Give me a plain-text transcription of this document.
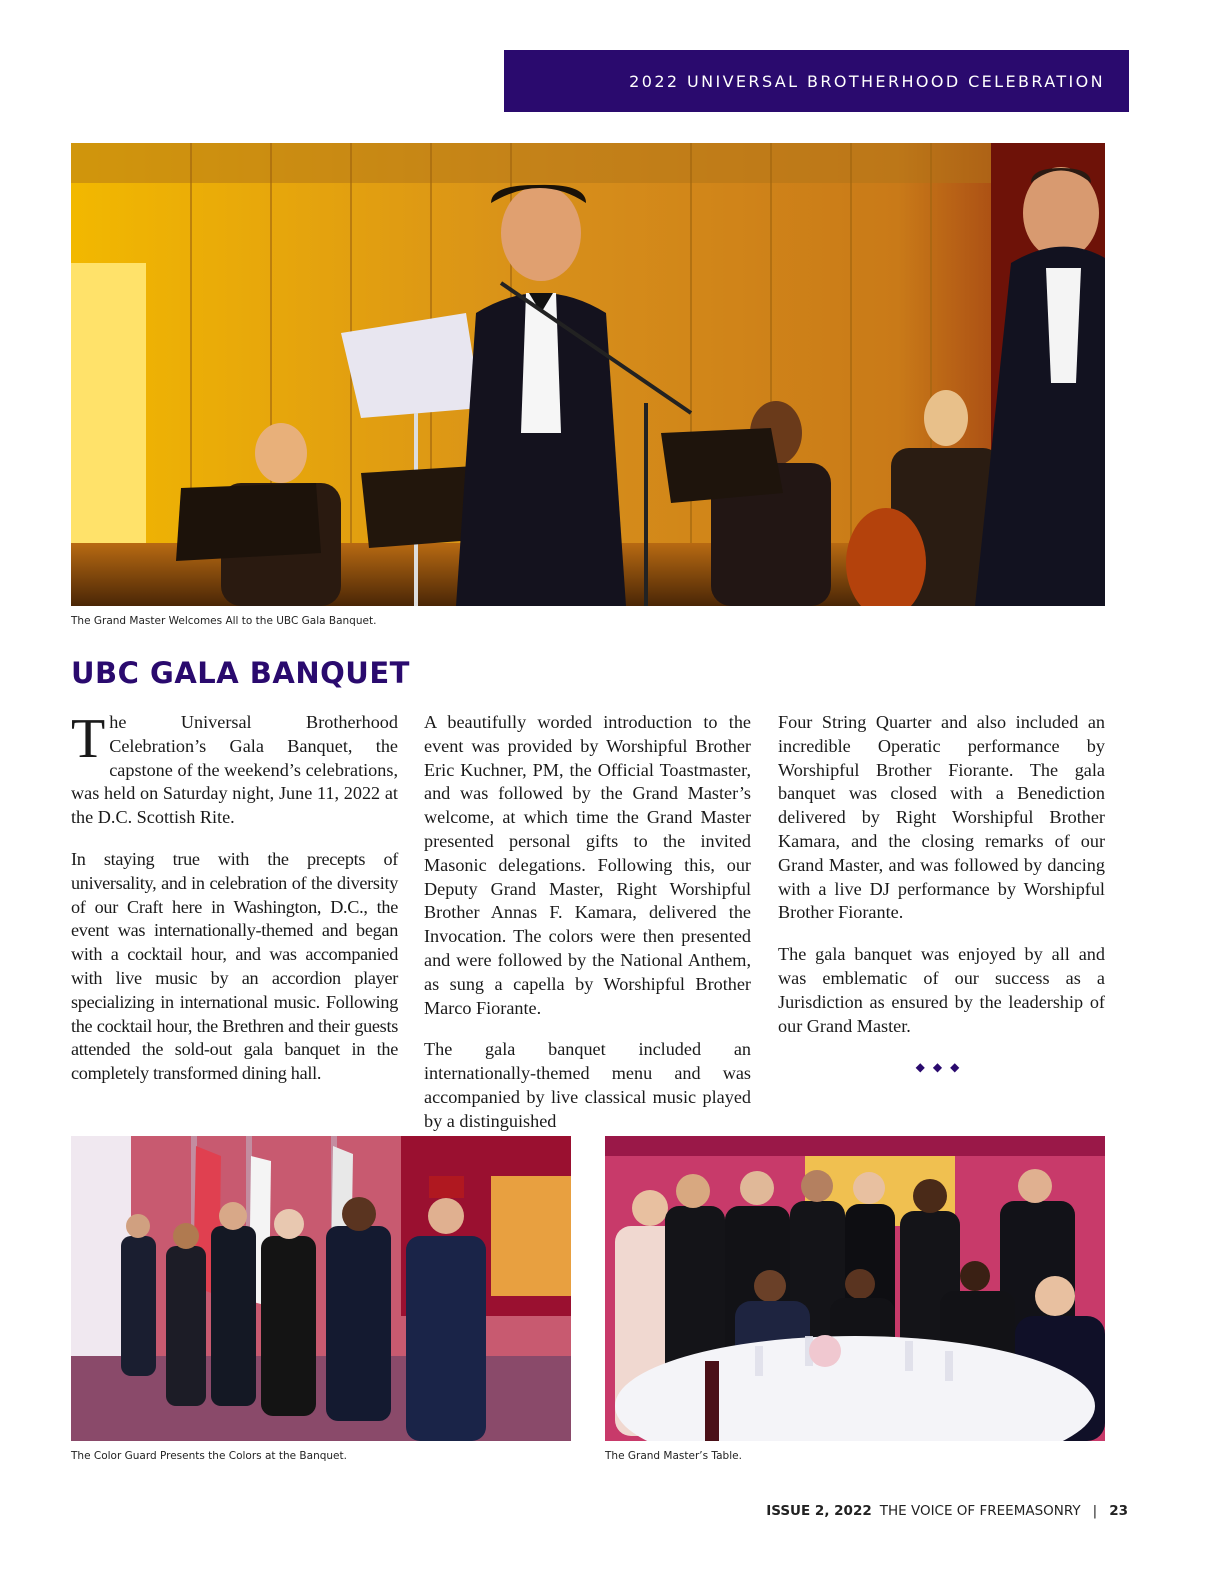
2022 UNIVERSAL BROTHERHOOD CELEBRATION
The Grand Master Welcomes All to the UBC Gala Banquet.
UBC GALA BANQUET

The Universal Brotherhood Celebration’s Gala Banquet, the capstone of the weekend’s celebrations, was held on Saturday night, June 11, 2022 at the D.C. Scottish Rite.

In staying true with the precepts of universality, and in celebration of the diversity of our Craft here in Washington, D.C., the event was internationally-themed and began with a cocktail hour, and was accompanied with live music by an accordion player specializing in international music. Following the cocktail hour, the Brethren and their guests attended the sold-out gala banquet in the completely transformed dining hall.

A beautifully worded introduction to the event was provided by Worshipful Brother Eric Kuchner, PM, the Official Toastmaster, and was followed by the Grand Master’s welcome, at which time the Grand Master presented personal gifts to the invited Masonic delegations. Following this, our Deputy Grand Master, Right Worshipful Brother Annas F. Kamara, delivered the Invocation. The colors were then presented and were followed by the National Anthem, as sung a capella by Worshipful Brother Marco Fiorante.

The gala banquet included an internationally-themed menu and was accompanied by live classical music played by a distinguished

Four String Quarter and also included an incredible Operatic performance by Worshipful Brother Fiorante. The gala banquet was closed with a Benediction delivered by Right Worshipful Brother Kamara, and the closing remarks of our Grand Master, and was followed by dancing with a live DJ performance by Worshipful Brother Fiorante.

The gala banquet was enjoyed by all and was emblematic of our success as a Jurisdiction as ensured by the leadership of our Grand Master.

◆◆◆
The Color Guard Presents the Colors at the Banquet.	The Grand Master’s Table.
ISSUE 2, 2022 THE VOICE OF FREEMASONRY | 23
